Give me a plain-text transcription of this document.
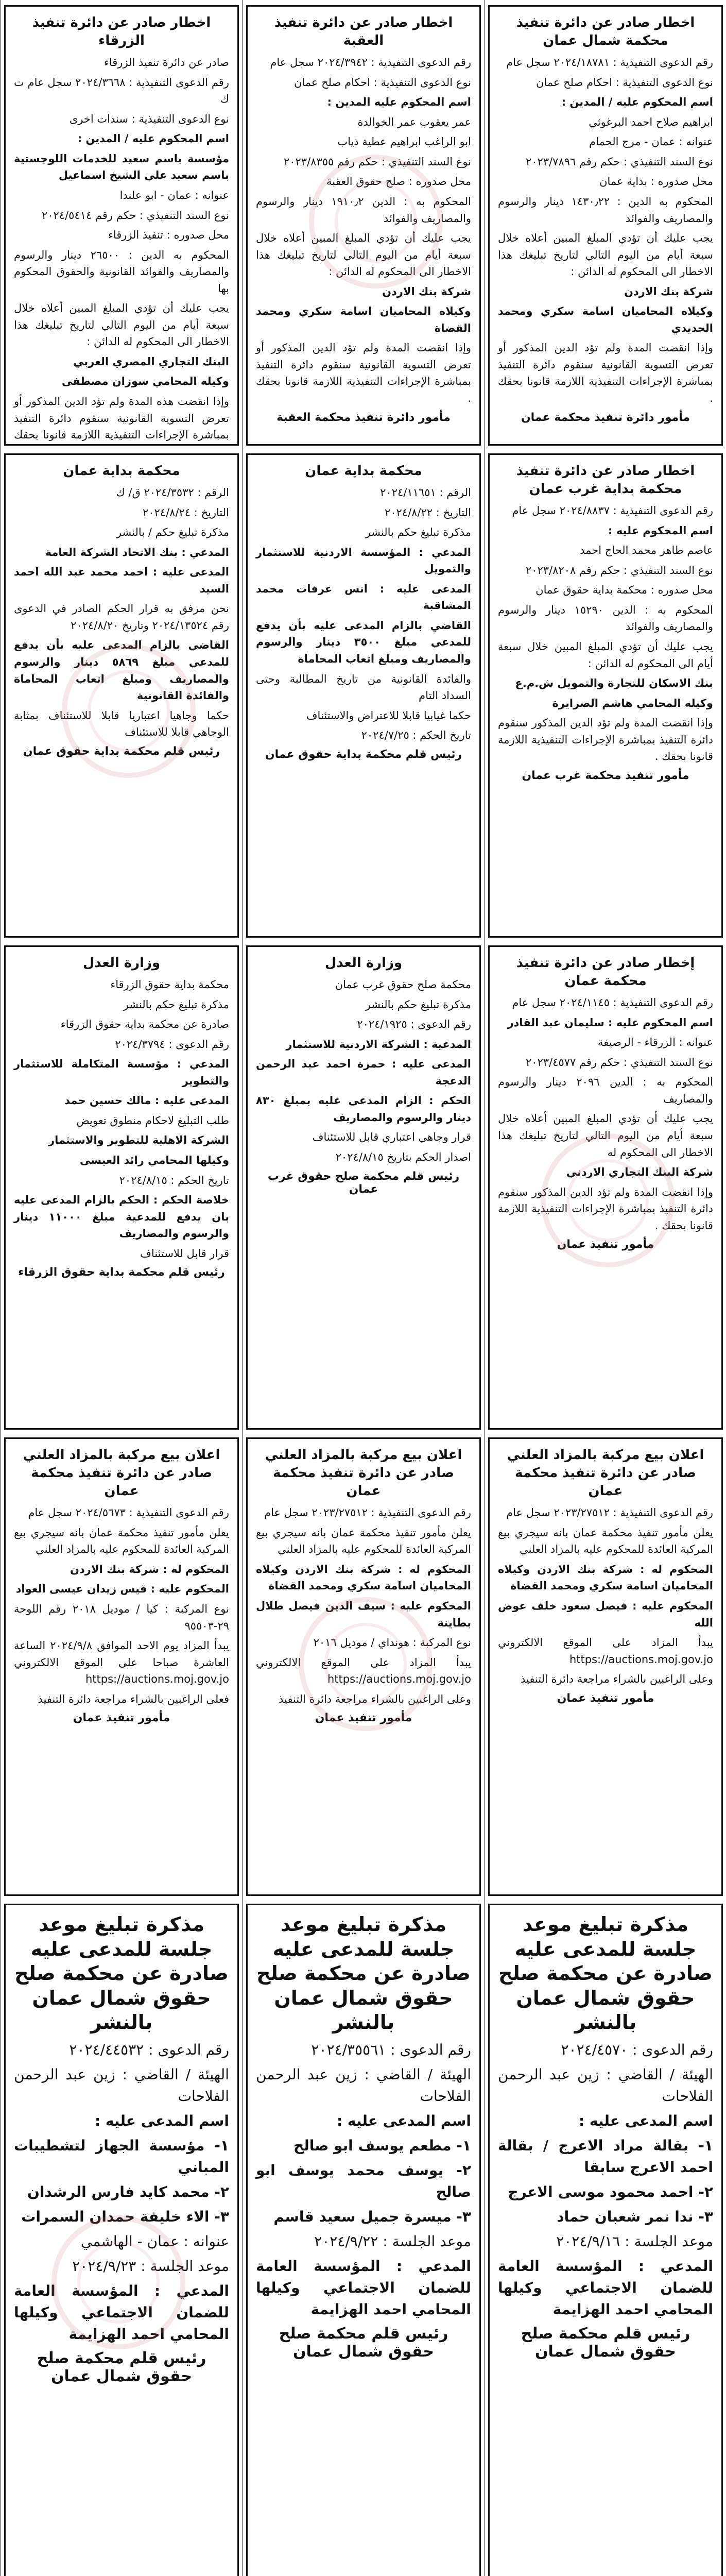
اخطار صادر عن دائرة تنفيذ محكمة شمال عمان

رقم الدعوى التنفيذية : ٢٠٢٤/١٨٧٨١ سجل عام

نوع الدعوى التنفيذية : احكام صلح عمان

اسم المحكوم عليه / المدين :

ابراهيم صلاح احمد البرغوثي

عنوانه : عمان - مرج الحمام

نوع السند التنفيذي : حكم رقم ٢٠٢٣/٧٨٩٦

محل صدوره : بداية عمان

المحكوم به الدين : ١٤٣٠٫٢٢ دينار والرسوم والمصاريف والفوائد

يجب عليك أن تؤدي المبلغ المبين أعلاه خلال سبعة أيام من اليوم التالي لتاريخ تبليغك هذا الاخطار الى المحكوم له الدائن :

شركة بنك الاردن

وكيلاه المحاميان اسامة سكري ومحمد الحديدي

وإذا انقضت المدة ولم تؤد الدين المذكور أو تعرض التسوية القانونية سنقوم دائرة التنفيذ بمباشرة الإجراءات التنفيذية اللازمة قانونا بحقك .

مأمور دائرة تنفيذ محكمة عمان
اخطار صادر عن دائرة تنفيذ محكمة بداية غرب عمان

رقم الدعوى التنفيذية : ٢٠٢٤/٨٨٣٧ سجل عام

اسم المحكوم عليه :

عاصم طاهر محمد الحاج احمد

نوع السند التنفيذي : حكم رقم ٢٠٢٣/٨٢٠٨

محل صدوره : محكمة بداية حقوق عمان

المحكوم به : الدين ١٥٢٩٠ دينار والرسوم والمصاريف والفوائد

يجب عليك أن تؤدي المبلغ المبين خلال سبعة أيام الى المحكوم له الدائن :

بنك الاسكان للتجارة والتمويل ش.م.ع

وكيله المحامي هاشم الصرايرة

وإذا انقضت المدة ولم تؤد الدين المذكور سنقوم دائرة التنفيذ بمباشرة الإجراءات التنفيذية اللازمة قانونا بحقك .

مأمور تنفيذ محكمة غرب عمان
إخطار صادر عن دائرة تنفيذ محكمة عمان

رقم الدعوى التنفيذية : ٢٠٢٤/١١٤٥ سجل عام

اسم المحكوم عليه : سليمان عبد القادر

عنوانه : الزرقاء - الرصيفة

نوع السند التنفيذي : حكم رقم ٢٠٢٣/٤٥٧٧

المحكوم به : الدين ٢٠٩٦ دينار والرسوم والمصاريف

يجب عليك أن تؤدي المبلغ المبين أعلاه خلال سبعة أيام من اليوم التالي لتاريخ تبليغك هذا الاخطار الى المحكوم له

شركة البنك التجاري الاردني

وإذا انقضت المدة ولم تؤد الدين المذكور سنقوم دائرة التنفيذ بمباشرة الإجراءات التنفيذية اللازمة قانونا بحقك .

مأمور تنفيذ عمان
اعلان بيع مركبة بالمزاد العلني صادر عن دائرة تنفيذ محكمة عمان

رقم الدعوى التنفيذية : ٢٠٢٣/٢٧٥١٢ سجل عام

يعلن مأمور تنفيذ محكمة عمان بانه سيجري بيع المركبة العائدة للمحكوم عليه بالمزاد العلني

المحكوم له : شركة بنك الاردن وكيلاه المحاميان اسامة سكري ومحمد القضاة

المحكوم عليه : فيصل سعود خلف عوض الله

يبدأ المزاد على الموقع الالكتروني https://auctions.moj.gov.jo

وعلى الراغبين بالشراء مراجعة دائرة التنفيذ

مأمور تنفيذ عمان
مذكرة تبليغ موعد جلسة للمدعى عليه صادرة عن محكمة صلح حقوق شمال عمان بالنشر

رقم الدعوى : ٢٠٢٤/٤٥٧٠

الهيئة / القاضي : زين عبد الرحمن الفلاحات

اسم المدعى عليه :

١- بقالة مراد الاعرج / بقالة احمد الاعرج سابقا

٢- احمد محمود موسى الاعرج

٣- ندا نمر شعبان حماد

موعد الجلسة : ٢٠٢٤/٩/١٦

المدعي : المؤسسة العامة للضمان الاجتماعي وكيلها المحامي احمد الهزايمة

رئيس قلم محكمة صلح حقوق شمال عمان

اخطار صادر عن دائرة تنفيذ العقبة

رقم الدعوى التنفيذية : ٢٠٢٤/٣٩٤٢ سجل عام

نوع الدعوى التنفيذية : احكام صلح عمان

اسم المحكوم عليه المدين :

عمر يعقوب عمر الخوالدة

ابو الراغب ابراهيم عطية ذياب

نوع السند التنفيذي : حكم رقم ٢٠٢٣/٨٣٥٥

محل صدوره : صلح حقوق العقبة

المحكوم به : الدين ١٩١٠٫٢ دينار والرسوم والمصاريف والفوائد

يجب عليك أن تؤدي المبلغ المبين أعلاه خلال سبعة أيام من اليوم التالي لتاريخ تبليغك هذا الاخطار الى المحكوم له الدائن :

شركة بنك الاردن

وكيلاه المحاميان اسامة سكري ومحمد القضاة

وإذا انقضت المدة ولم تؤد الدين المذكور أو تعرض التسوية القانونية سنقوم دائرة التنفيذ بمباشرة الإجراءات التنفيذية اللازمة قانونا بحقك .

مأمور دائرة تنفيذ محكمة العقبة
محكمة بداية عمان

الرقم : ٢٠٢٤/١١٦٥١

التاريخ : ٢٠٢٤/٨/٢٢

مذكرة تبليغ حكم بالنشر

المدعي : المؤسسة الاردنية للاستثمار والتمويل

المدعى عليه : انس عرفات محمد المشاقبة

القاضي بالزام المدعى عليه بأن يدفع للمدعي مبلغ ٣٥٠٠ دينار والرسوم والمصاريف ومبلغ اتعاب المحاماة

والفائدة القانونية من تاريخ المطالبة وحتى السداد التام

حكما غيابيا قابلا للاعتراض والاستئناف

تاريخ الحكم : ٢٠٢٤/٧/٢٥

رئيس قلم محكمة بداية حقوق عمان
وزارة العدل

محكمة صلح حقوق غرب عمان

مذكرة تبليغ حكم بالنشر

رقم الدعوى : ٢٠٢٤/١٩٢٥

المدعية : الشركة الاردنية للاستثمار

المدعى عليه : حمزة احمد عبد الرحمن الدعجة

الحكم : الزام المدعى عليه بمبلغ ٨٣٠ دينار والرسوم والمصاريف

قرار وجاهي اعتباري قابل للاستئناف

اصدار الحكم بتاريخ ٢٠٢٤/٨/١٥

رئيس قلم محكمة صلح حقوق غرب عمان
اعلان بيع مركبة بالمزاد العلني صادر عن دائرة تنفيذ محكمة عمان

رقم الدعوى التنفيذية : ٢٠٢٣/٢٧٥١٢ سجل عام

يعلن مأمور تنفيذ محكمة عمان بانه سيجري بيع المركبة العائدة للمحكوم عليه بالمزاد العلني

المحكوم له : شركة بنك الاردن وكيلاه المحاميان اسامة سكري ومحمد القضاة

المحكوم عليه : سيف الدين فيصل طلال بطاينة

نوع المركبة : هونداي / موديل ٢٠١٦

يبدأ المزاد على الموقع الالكتروني https://auctions.moj.gov.jo

وعلى الراغبين بالشراء مراجعة دائرة التنفيذ

مأمور تنفيذ عمان
مذكرة تبليغ موعد جلسة للمدعى عليه صادرة عن محكمة صلح حقوق شمال عمان بالنشر

رقم الدعوى : ٢٠٢٤/٣٥٥٦١

الهيئة / القاضي : زين عبد الرحمن الفلاحات

اسم المدعى عليه :

١- مطعم يوسف ابو صالح

٢- يوسف محمد يوسف ابو صالح

٣- ميسرة جميل سعيد قاسم

موعد الجلسة : ٢٠٢٤/٩/٢٢

المدعي : المؤسسة العامة للضمان الاجتماعي وكيلها المحامي احمد الهزايمة

رئيس قلم محكمة صلح حقوق شمال عمان

اخطار صادر عن دائرة تنفيذ الزرقاء

صادر عن دائرة تنفيذ الزرقاء

رقم الدعوى التنفيذية : ٢٠٢٤/٣٦٦٨ سجل عام ت ك

نوع الدعوى التنفيذية : سندات اخرى

اسم المحكوم عليه / المدين :

مؤسسة باسم سعيد للخدمات اللوجستية باسم سعيد علي الشيخ اسماعيل

عنوانه : عمان - ابو علندا

نوع السند التنفيذي : حكم رقم ٢٠٢٤/٥٤١٤

محل صدوره : تنفيذ الزرقاء

المحكوم به الدين : ٢٦٥٠٠ دينار والرسوم والمصاريف والفوائد القانونية والحقوق المحكوم بها

يجب عليك أن تؤدي المبلغ المبين أعلاه خلال سبعة أيام من اليوم التالي لتاريخ تبليغك هذا الاخطار الى المحكوم له الدائن :

البنك التجاري المصري العربي

وكيله المحامي سوزان مصطفى

وإذا انقضت هذه المدة ولم تؤد الدين المذكور أو تعرض التسوية القانونية سنقوم دائرة التنفيذ بمباشرة الإجراءات التنفيذية اللازمة قانونا بحقك

محكمة بداية عمان

الرقم : ٢٠٢٤/٣٥٣٢ ق/ ك

التاريخ : ٢٠٢٤/٨/٢٤

مذكرة تبليغ حكم / بالنشر

المدعي : بنك الاتحاد الشركة العامة

المدعى عليه : احمد محمد عبد الله احمد السيد

نحن مرفق به قرار الحكم الصادر في الدعوى رقم ٢٠٢٤/١٣٥٢٤ وتاريخ ٢٠٢٤/٨/٢٠

القاضي بالزام المدعى عليه بأن يدفع للمدعي مبلغ ٥٨٦٩ دينار والرسوم والمصاريف ومبلغ اتعاب المحاماة والفائدة القانونية

حكما وجاهيا اعتباريا قابلا للاستئناف بمثابة الوجاهي قابلا للاستئناف

رئيس قلم محكمة بداية حقوق عمان
وزارة العدل

محكمة بداية حقوق الزرقاء

مذكرة تبليغ حكم بالنشر

صادرة عن محكمة بداية حقوق الزرقاء

رقم الدعوى : ٢٠٢٤/٣٧٩٤

المدعي : مؤسسة المتكاملة للاستثمار والتطوير

المدعى عليه : مالك حسين حمد

طلب التبليغ لاحكام منطوق تعويض

الشركة الاهلية للتطوير والاستثمار

وكيلها المحامي رائد العيسى

تاريخ الحكم : ٢٠٢٤/٨/١٥

خلاصة الحكم : الحكم بالزام المدعى عليه بان يدفع للمدعية مبلغ ١١٠٠٠ دينار والرسوم والمصاريف

قرار قابل للاستئناف

رئيس قلم محكمة بداية حقوق الزرقاء
اعلان بيع مركبة بالمزاد العلني صادر عن دائرة تنفيذ محكمة عمان

رقم الدعوى التنفيذية : ٢٠٢٤/٥٦٧٣ سجل عام

يعلن مأمور تنفيذ محكمة عمان بانه سيجري بيع المركبة العائدة للمحكوم عليه بالمزاد العلني

المحكوم له : شركة بنك الاردن

المحكوم عليه : قيس زيدان عيسى العواد

نوع المركبة : كيا / موديل ٢٠١٨ رقم اللوحة ٢٩-٩٥٥٠٣

يبدأ المزاد يوم الاحد الموافق ٢٠٢٤/٩/٨ الساعة العاشرة صباحا على الموقع الالكتروني https://auctions.moj.gov.jo

فعلى الراغبين بالشراء مراجعة دائرة التنفيذ

مأمور تنفيذ عمان
مذكرة تبليغ موعد جلسة للمدعى عليه صادرة عن محكمة صلح حقوق شمال عمان بالنشر

رقم الدعوى : ٢٠٢٤/٤٤٥٣٢

الهيئة / القاضي : زين عبد الرحمن الفلاحات

اسم المدعى عليه :

١- مؤسسة الجهاز لتشطيبات المباني

٢- محمد كايد فارس الرشدان

٣- الاء خليفة حمدان السمرات

عنوانه : عمان - الهاشمي

موعد الجلسة : ٢٠٢٤/٩/٢٣

المدعي : المؤسسة العامة للضمان الاجتماعي وكيلها المحامي احمد الهزايمة

رئيس قلم محكمة صلح حقوق شمال عمان
